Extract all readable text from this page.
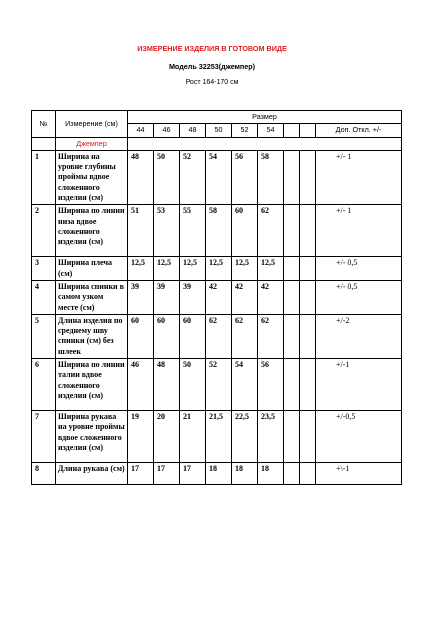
ИЗМЕРЕНИЕ ИЗДЕЛИЯ В ГОТОВОМ ВИДЕ
Модель 32253(джемпер)
Рост 164-170 см
№	Измерение (см)	Размер								
		44	46	48	50	52	54			Доп. Откл. +/-
	Джемпер									
1	Ширина на уровне глубины проймы вдвое сложенного изделия (см)	48	50	52	54	56	58			+/- 1
2	Ширина по линии низа вдвое сложенного изделия (см)	51	53	55	58	60	62			+/- 1
3	Ширина плеча (см)	12,5	12,5	12,5	12,5	12,5	12,5			+/- 0,5
4	Ширина спинки в самом узком месте (см)	39	39	39	42	42	42			+/- 0,5
5	Длина изделия по среднему шву спинки (см) без шлеек	60	60	60	62	62	62			+/-2
6	Ширина по линии талии вдвое сложенного изделия (см)	46	48	50	52	54	56			+/-1
7	Ширина рукава на уровне проймы вдвое сложенного изделия (см)	19	20	21	21,5	22,5	23,5			+/-0,5
8	Длина рукава (см)	17	17	17	18	18	18			+\-1
